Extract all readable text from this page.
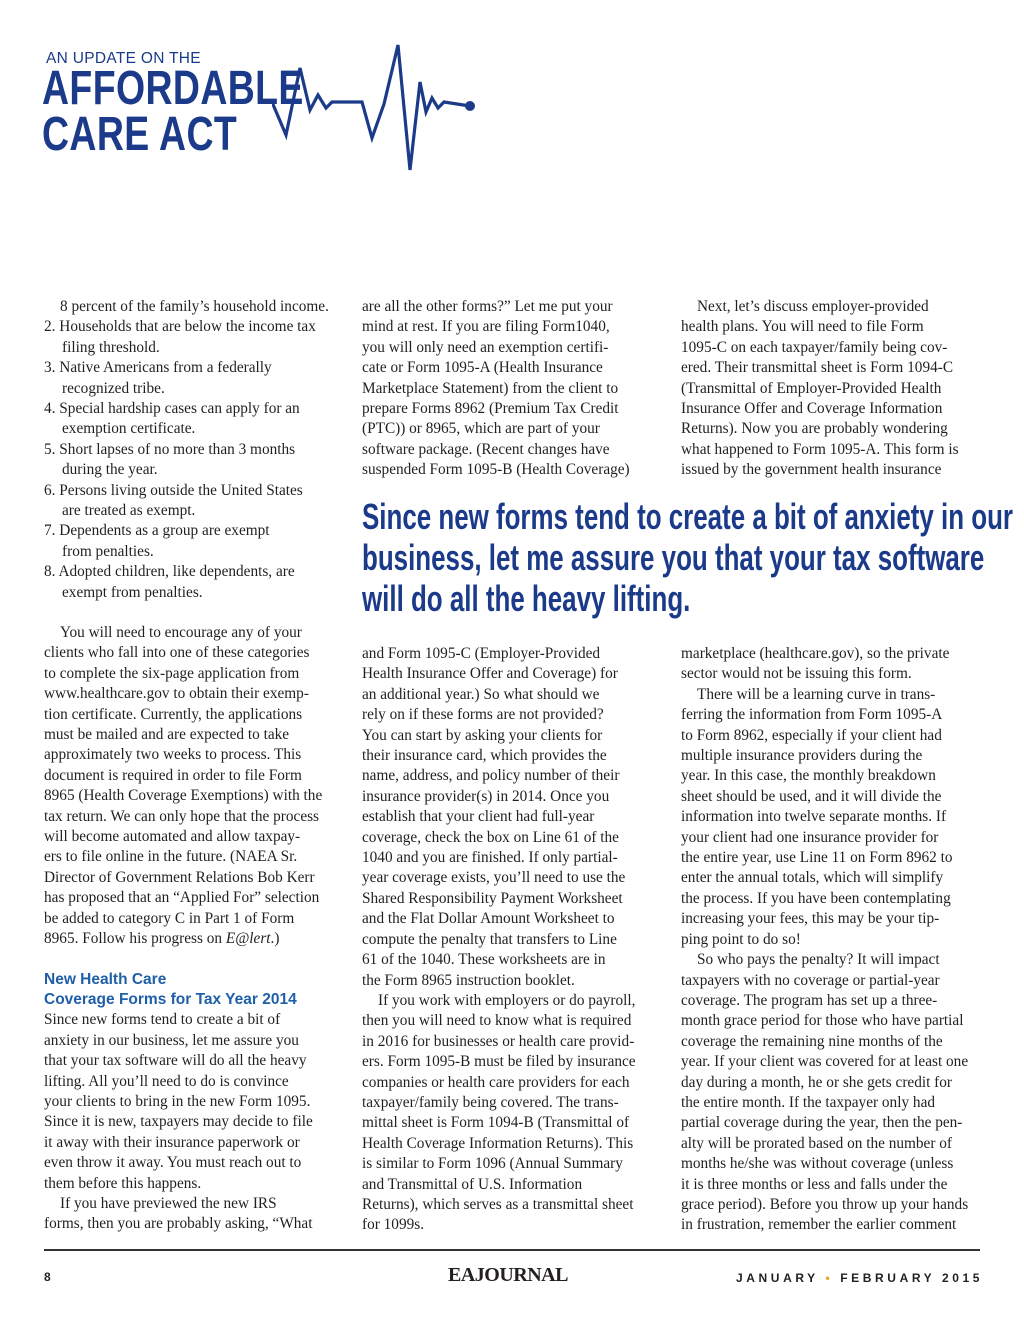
AN UPDATE ON THE
AFFORDABLE
CARE ACT
8 percent of the family’s household income.
2. Households that are below the income tax
filing threshold.
3. Native Americans from a federally
recognized tribe.
4. Special hardship cases can apply for an
exemption certificate.
5. Short lapses of no more than 3 months
during the year.
6. Persons living outside the United States
are treated as exempt.
7. Dependents as a group are exempt
from penalties.
8. Adopted children, like dependents, are
exempt from penalties.
You will need to encourage any of your
clients who fall into one of these categories
to complete the six-page application from
www.healthcare.gov to obtain their exemp-
tion certificate. Currently, the applications
must be mailed and are expected to take
approximately two weeks to process. This
document is required in order to file Form
8965 (Health Coverage Exemptions) with the
tax return. We can only hope that the process
will become automated and allow taxpay-
ers to file online in the future. (NAEA Sr.
Director of Government Relations Bob Kerr
has proposed that an “Applied For” selection
be added to category C in Part 1 of Form
8965. Follow his progress on E@lert.)
New Health Care
Coverage Forms for Tax Year 2014
Since new forms tend to create a bit of
anxiety in our business, let me assure you
that your tax software will do all the heavy
lifting. All you’ll need to do is convince
your clients to bring in the new Form 1095.
Since it is new, taxpayers may decide to file
it away with their insurance paperwork or
even throw it away. You must reach out to
them before this happens.
If you have previewed the new IRS
forms, then you are probably asking, “What
are all the other forms?” Let me put your
mind at rest. If you are filing Form1040,
you will only need an exemption certifi-
cate or Form 1095-A (Health Insurance
Marketplace Statement) from the client to
prepare Forms 8962 (Premium Tax Credit
(PTC)) or 8965, which are part of your
software package. (Recent changes have
suspended Form 1095-B (Health Coverage)
and Form 1095-C (Employer-Provided
Health Insurance Offer and Coverage) for
an additional year.) So what should we
rely on if these forms are not provided?
You can start by asking your clients for
their insurance card, which provides the
name, address, and policy number of their
insurance provider(s) in 2014. Once you
establish that your client had full-year
coverage, check the box on Line 61 of the
1040 and you are finished. If only partial-
year coverage exists, you’ll need to use the
Shared Responsibility Payment Worksheet
and the Flat Dollar Amount Worksheet to
compute the penalty that transfers to Line
61 of the 1040. These worksheets are in
the Form 8965 instruction booklet.
If you work with employers or do payroll,
then you will need to know what is required
in 2016 for businesses or health care provid-
ers. Form 1095-B must be filed by insurance
companies or health care providers for each
taxpayer/family being covered. The trans-
mittal sheet is Form 1094-B (Transmittal of
Health Coverage Information Returns). This
is similar to Form 1096 (Annual Summary
and Transmittal of U.S. Information
Returns), which serves as a transmittal sheet
for 1099s.
Next, let’s discuss employer-provided
health plans. You will need to file Form
1095-C on each taxpayer/family being cov-
ered. Their transmittal sheet is Form 1094-C
(Transmittal of Employer-Provided Health
Insurance Offer and Coverage Information
Returns). Now you are probably wondering
what happened to Form 1095-A. This form is
issued by the government health insurance
marketplace (healthcare.gov), so the private
sector would not be issuing this form.
There will be a learning curve in trans-
ferring the information from Form 1095-A
to Form 8962, especially if your client had
multiple insurance providers during the
year. In this case, the monthly breakdown
sheet should be used, and it will divide the
information into twelve separate months. If
your client had one insurance provider for
the entire year, use Line 11 on Form 8962 to
enter the annual totals, which will simplify
the process. If you have been contemplating
increasing your fees, this may be your tip-
ping point to do so!
So who pays the penalty? It will impact
taxpayers with no coverage or partial-year
coverage. The program has set up a three-
month grace period for those who have partial
coverage the remaining nine months of the
year. If your client was covered for at least one
day during a month, he or she gets credit for
the entire month. If the taxpayer only had
partial coverage during the year, then the pen-
alty will be prorated based on the number of
months he/she was without coverage (unless
it is three months or less and falls under the
grace period). Before you throw up your hands
in frustration, remember the earlier comment
Since new forms tend to create a bit of anxiety in our
business, let me assure you that your tax software
will do all the heavy lifting.
8	EAJOURNAL	JANUARY • FEBRUARY 2015
